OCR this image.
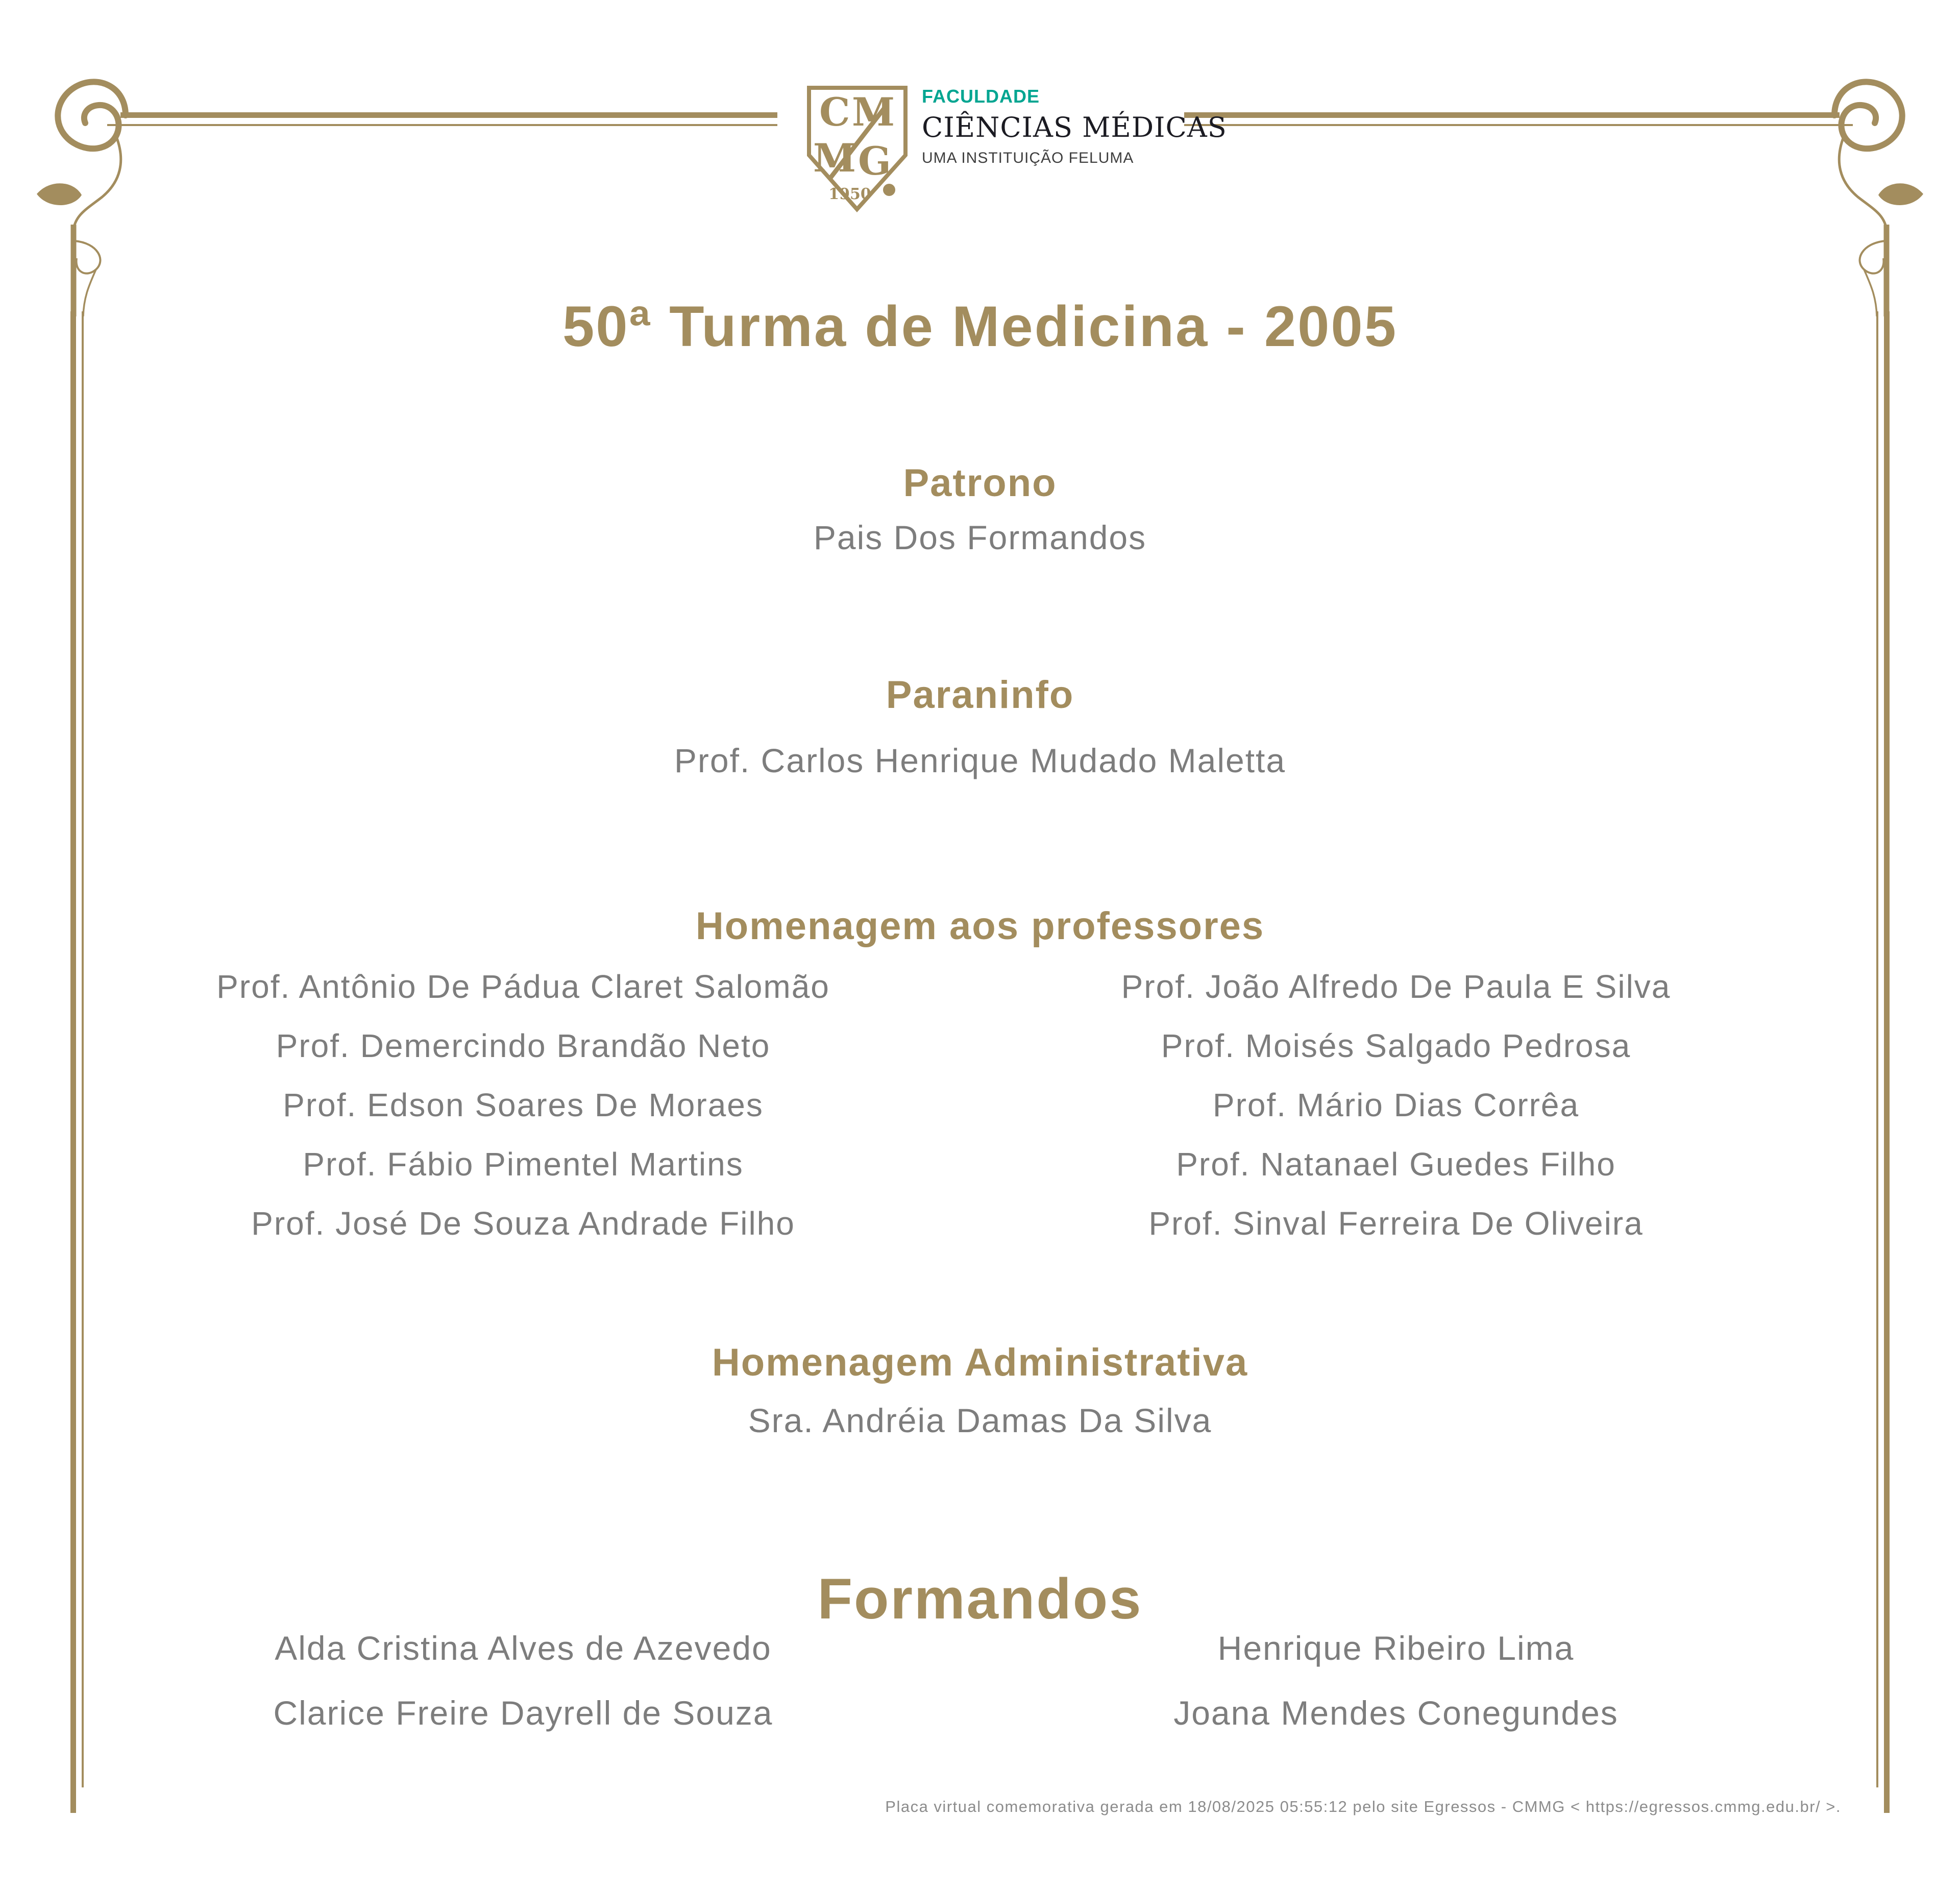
C M
M G
1950
FACULDADE
CIÊNCIAS MÉDICAS
UMA INSTITUIÇÃO FELUMA
50ª Turma de Medicina - 2005
Patrono
Pais Dos Formandos
Paraninfo
Prof. Carlos Henrique Mudado Maletta
Homenagem aos professores
Prof. Antônio De Pádua Claret Salomão
Prof. Demercindo Brandão Neto
Prof. Edson Soares De Moraes
Prof. Fábio Pimentel Martins
Prof. José De Souza Andrade Filho
Prof. João Alfredo De Paula E Silva
Prof. Moisés Salgado Pedrosa
Prof. Mário Dias Corrêa
Prof. Natanael Guedes Filho
Prof. Sinval Ferreira De Oliveira
Homenagem Administrativa
Sra. Andréia Damas Da Silva
Formandos
Alda Cristina Alves de Azevedo
Clarice Freire Dayrell de Souza
Henrique Ribeiro Lima
Joana Mendes Conegundes
Placa virtual comemorativa gerada em 18/08/2025 05:55:12 pelo site Egressos - CMMG < https://egressos.cmmg.edu.br/ >.
